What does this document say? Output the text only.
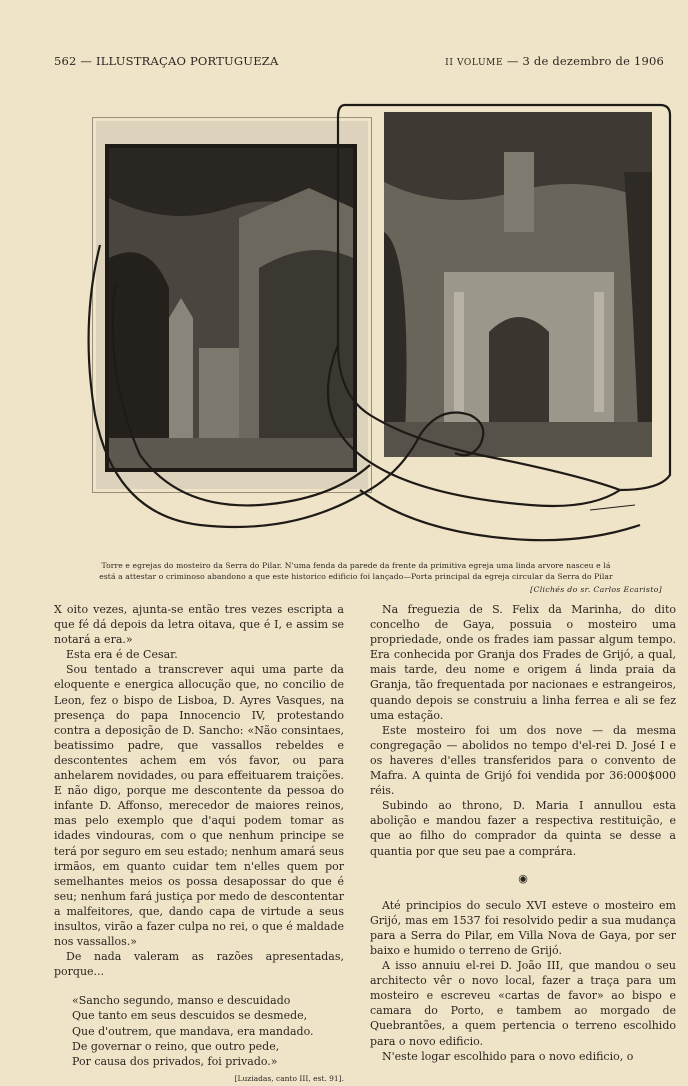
562 — ILLUSTRAÇAO PORTUGUEZA	II VOLUME — 3 de dezembro de 1906
Torre e egrejas do mosteiro da Serra do Pilar. N'uma fenda da parede da frente da primitiva egreja uma linda arvore nasceu e lá
está a attestar o criminoso abandono a que este historico edificio foi lançado—Porta principal da egreja circular da Serra do Pilar
[Clichés do sr. Carlos Ecaristo]

X oito vezes, ajunta-se então tres vezes escripta a que fé dá depois da letra oitava, que é I, e assim se notará a era.»

Esta era é de Cesar.

Sou tentado a transcrever aqui uma parte da eloquente e energica allocução que, no concilio de Leon, fez o bispo de Lisboa, D. Ayres Vasques, na presença do papa Innocencio IV, protestando contra a deposição de D. Sancho: «Não consintaes, beatissimo padre, que vassallos rebeldes e descontentes achem em vós favor, ou para anhelarem novidades, ou para effeituarem traições. E não digo, porque me descontente da pessoa do infante D. Affonso, merecedor de maiores reinos, mas pelo exemplo que d'aqui podem tomar as idades vindouras, com o que nenhum principe se terá por seguro em seu estado; nenhum amará seus irmãos, em quanto cuidar tem n'elles quem por semelhantes meios os possa desapossar do que é seu; nenhum fará justiça por medo de descontentar a malfeitores, que, dando capa de virtude a seus insultos, virão a fazer culpa no rei, o que é maldade nos vassallos.»

De nada valeram as razões apresentadas, porque...

«Sancho segundo, manso e descuidado
Que tanto em seus descuidos se desmede,
Que d'outrem, que mandava, era mandado.
De governar o reino, que outro pede,
Por causa dos privados, foi privado.»
[Luziadas, canto III, est. 91].

Na freguezia de S. Felix da Marinha, do dito concelho de Gaya, possuia o mosteiro uma propriedade, onde os frades iam passar algum tempo. Era conhecida por Granja dos Frades de Grijó, a qual, mais tarde, deu nome e origem á linda praia da Granja, tão frequentada por nacionaes e estrangeiros, quando depois se construiu a linha ferrea e ali se fez uma estação.

Este mosteiro foi um dos nove — da mesma congregação — abolidos no tempo d'el-rei D. José I e os haveres d'elles transferidos para o convento de Mafra. A quinta de Grijó foi vendida por 36:000$000 réis.

Subindo ao throno, D. Maria I annullou esta abolição e mandou fazer a respectiva restituição, e que ao filho do comprador da quinta se desse a quantia por que seu pae a comprára.

◉

Até principios do seculo XVI esteve o mosteiro em Grijó, mas em 1537 foi resolvido pedir a sua mudança para a Serra do Pilar, em Villa Nova de Gaya, por ser baixo e humido o terreno de Grijó.

A isso annuiu el-rei D. João III, que mandou o seu architecto vêr o novo local, fazer a traça para um mosteiro e escreveu «cartas de favor» ao bispo e camara do Porto, e tambem ao morgado de Quebrantões, a quem pertencia o terreno escolhido para o novo edificio.

N'este logar escolhido para o novo edificio, o
